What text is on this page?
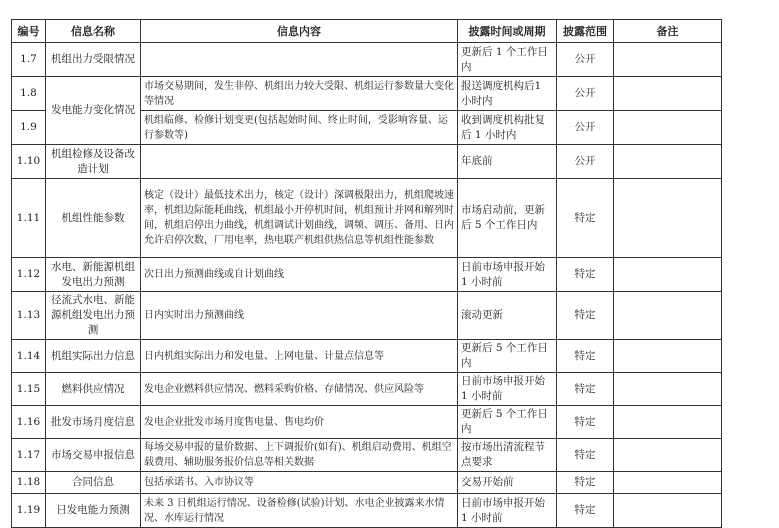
编号	信息名称	信息内容	披露时间或周期	披露范围	备注
1.7	机组出力受限情况		更新后 1 个工作日内	公开	
1.8	发电能力变化情况	市场交易期间，发生非停、机组出力较大受限、机组运行参数量大变化等情况	报送调度机构后1 小时内	公开	
1.9		机组临修、检修计划变更(包括起始时间、终止时间，受影响容量、运行参数等)	收到调度机构批复后 1 小时内	公开	
1.10	机组检修及设备改造计划		年底前	公开	
1.11	机组性能参数	核定（设计）最低技术出力，核定（设计）深调极限出力，机组爬坡速率，机组边际能耗曲线，机组最小开停机时间，机组预计并网和解列时间，机组启停出力曲线，机组调试计划曲线，调频、调压、备用、日内允许启停次数，厂用电率，热电联产机组供热信息等机组性能参数	市场启动前，更新后 5 个工作日内	特定	
1.12	水电、新能源机组发电出力预测	次日出力预测曲线或自计划曲线	日前市场申报开始 1 小时前	特定	
1.13	径流式水电、新能源机组发电出力预测	日内实时出力预测曲线	滚动更新	特定	
1.14	机组实际出力信息	日内机组实际出力和发电量、上网电量、计量点信息等	更新后 5 个工作日内	特定	
1.15	燃料供应情况	发电企业燃料供应情况、燃料采购价格、存储情况、供应风险等	日前市场申报开始 1 小时前	特定	
1.16	批发市场月度信息	发电企业批发市场月度售电量、售电均价	更新后 5 个工作日内	特定	
1.17	市场交易申报信息	每场交易申报的量价数据、上下调报价(如有)、机组启动费用、机组空载费用、辅助服务报价信息等相关数据	按市场出清流程节点要求	特定	
1.18	合同信息	包括承诺书、入市协议等	交易开始前	特定	
1.19	日发电能力预测	未来 3 日机组运行情况、设备检修(试验)计划、水电企业披露来水情况、水库运行情况	日前市场申报开始 1 小时前	特定	
